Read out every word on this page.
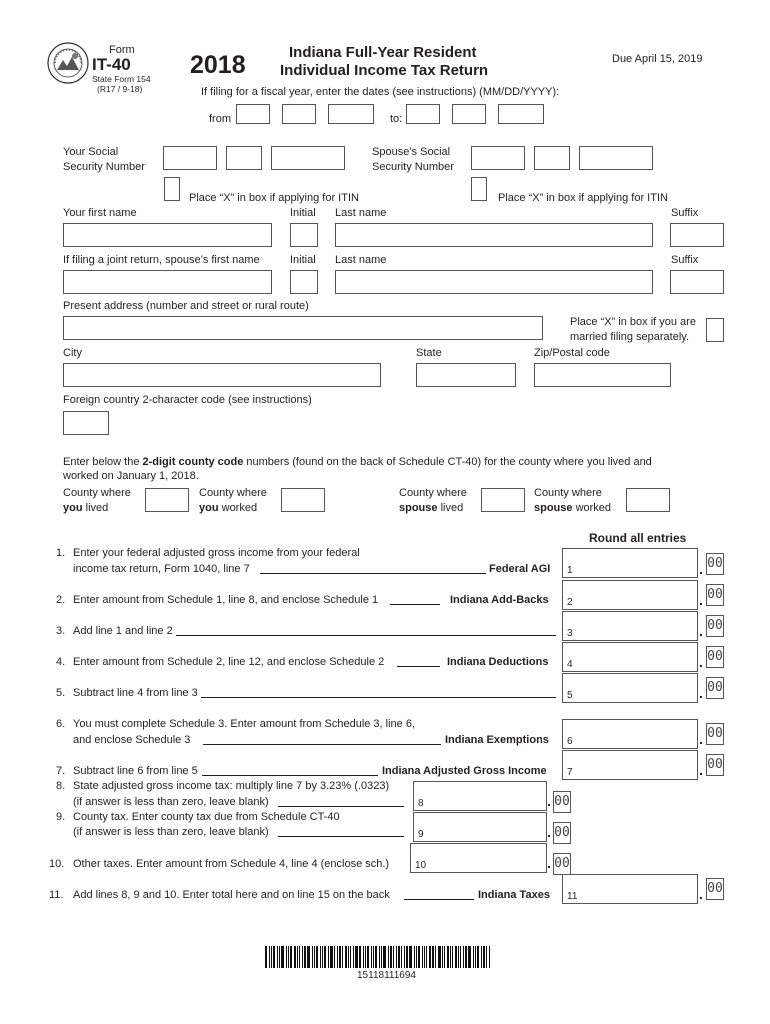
Form
IT-40
State Form 154
(R17 / 9-18)
2018	Indiana Full-Year Resident
Individual Income Tax Return
Due April 15, 2019
If filing for a fiscal year, enter the dates (see instructions) (MM/DD/YYYY):
from	to:
Your Social
Security Number
Spouse’s Social
Security Number
Place “X” in box if applying for ITIN	Place “X” in box if applying for ITIN
Your first name	Initial Last name	Suffix
If filing a joint return, spouse’s first name	Initial Last name	Suffix
Present address (number and street or rural route)
Place “X” in box if you are
married filing separately.
City	State	Zip/Postal code
Foreign country 2-character code (see instructions)
Enter below the 2-digit county code numbers (found on the back of Schedule CT-40) for the county where you lived and
worked on January 1, 2018.
County where
you lived
County where
you worked
County where
spouse lived
County where
spouse worked
Round all entries
1. Enter your federal adjusted gross income from your federal
income tax return, Form 1040, line 7	Federal AGI 1	. 00
2. Enter amount from Schedule 1, line 8, and enclose Schedule 1	Indiana Add-Backs 2	. 00
3. Add line 1 and line 2	3	. 00
4. Enter amount from Schedule 2, line 12, and enclose Schedule 2	Indiana Deductions 4	. 00
5. Subtract line 4 from line 3	5	. 00
6. You must complete Schedule 3. Enter amount from Schedule 3, line 6,
and enclose Schedule 3	Indiana Exemptions 6	. 00
7. Subtract line 6 from line 5	Indiana Adjusted Gross Income 7	. 00
8. State adjusted gross income tax: multiply line 7 by 3.23% (.0323)
(if answer is less than zero, leave blank)	8	. 00
9. County tax. Enter county tax due from Schedule CT-40
(if answer is less than zero, leave blank)	9	. 00
10. Other taxes. Enter amount from Schedule 4, line 4 (enclose sch.)	10	. 00
11. Add lines 8, 9 and 10. Enter total here and on line 15 on the back	Indiana Taxes 11	. 00
15118111694
